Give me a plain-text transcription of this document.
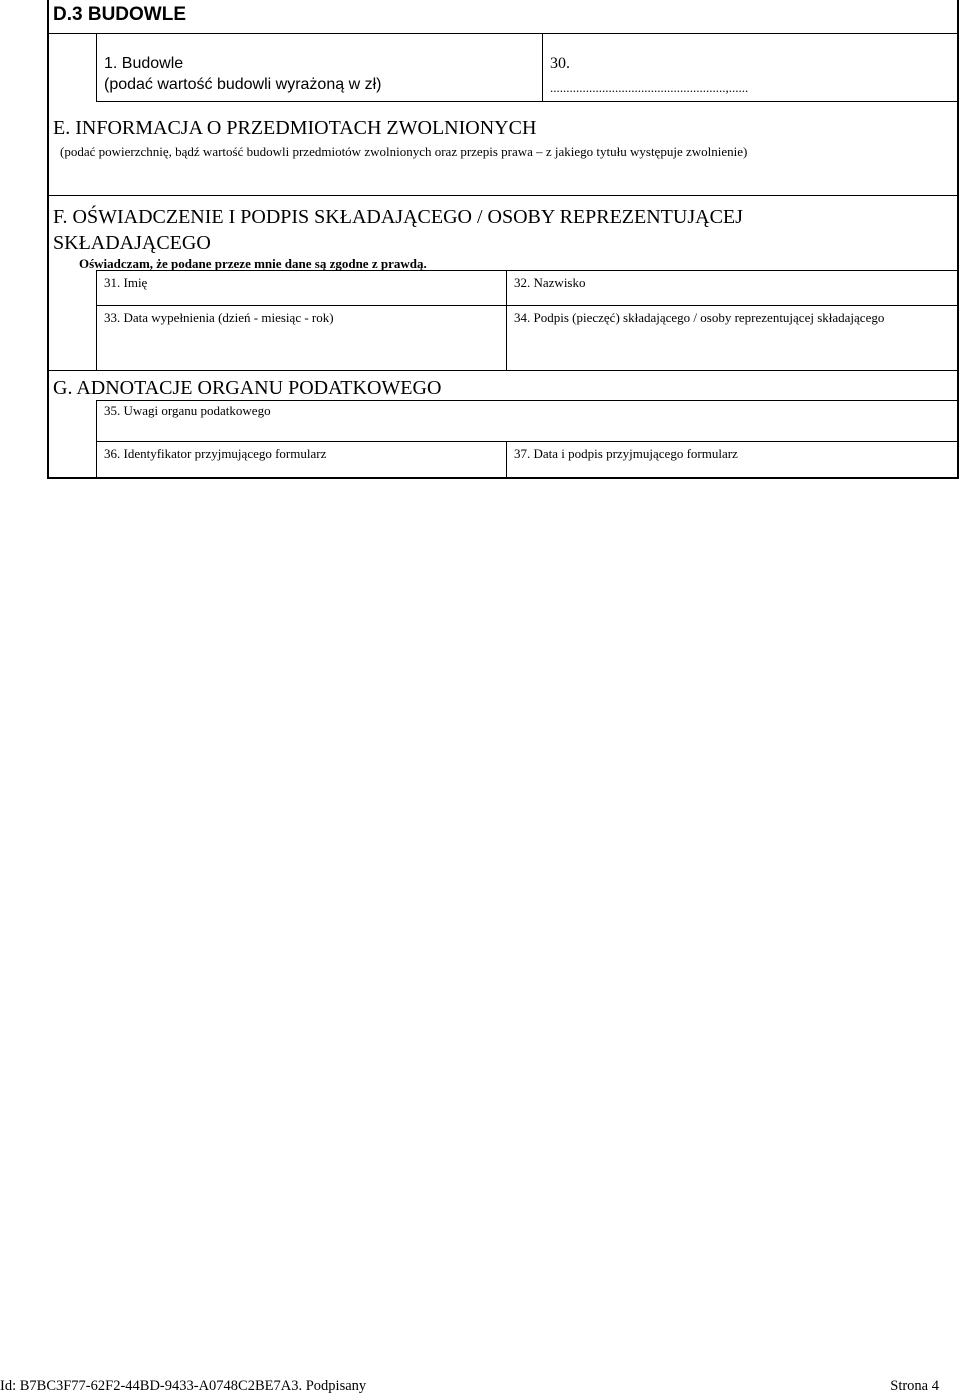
D.3 BUDOWLE
1. Budowle
(podać wartość budowli wyrażoną w zł)
30.
......................................................,......
E. INFORMACJA O PRZEDMIOTACH ZWOLNIONYCH
(podać powierzchnię, bądź wartość budowli przedmiotów zwolnionych oraz przepis prawa – z jakiego tytułu występuje zwolnienie)
F. OŚWIADCZENIE I PODPIS SKŁADAJĄCEGO / OSOBY REPREZENTUJĄCEJ
SKŁADAJĄCEGO
Oświadczam, że podane przeze mnie dane są zgodne z prawdą.
31. Imię	32. Nazwisko
33. Data wypełnienia (dzień - miesiąc - rok)	34. Podpis (pieczęć) składającego / osoby reprezentującej składającego
G. ADNOTACJE ORGANU PODATKOWEGO
35. Uwagi organu podatkowego
36. Identyfikator przyjmującego formularz	37. Data i podpis przyjmującego formularz
Id: B7BC3F77-62F2-44BD-9433-A0748C2BE7A3. Podpisany	Strona 4
